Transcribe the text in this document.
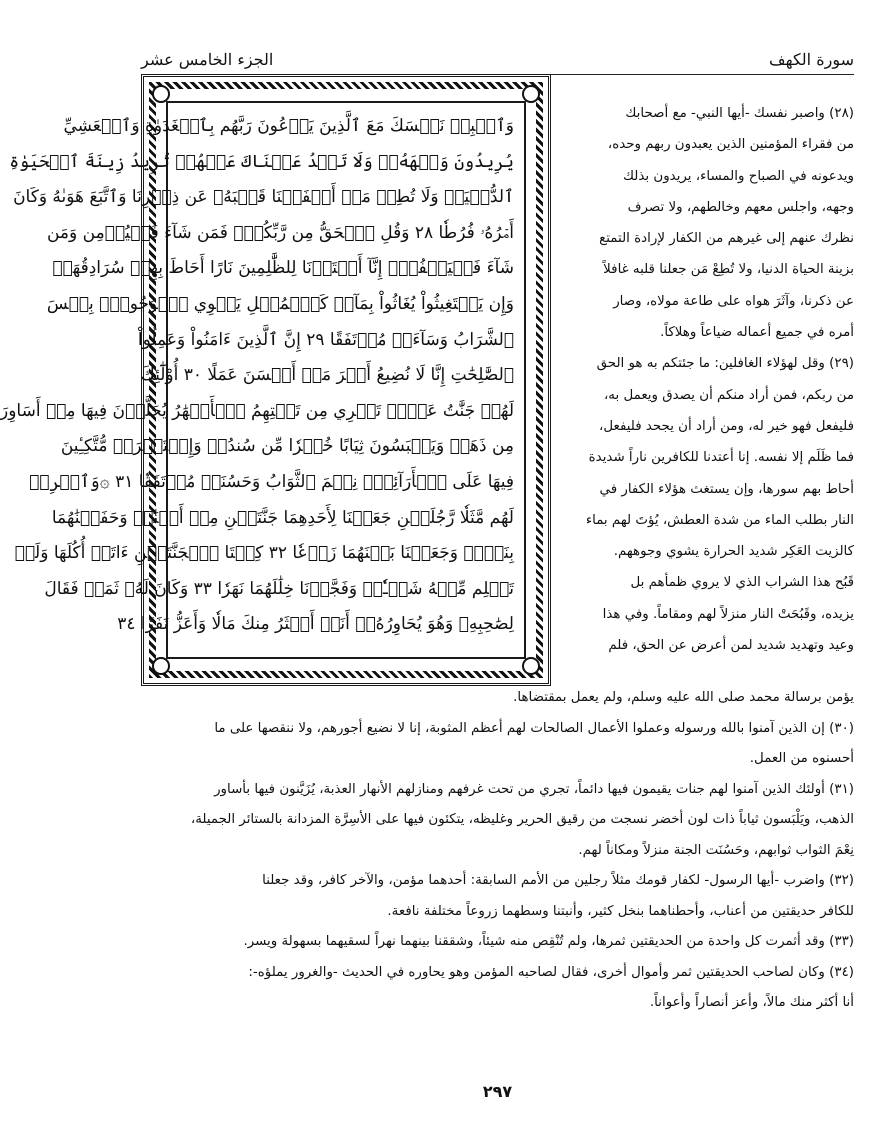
سورة الكهف
الجزء الخامس عشر
وَٱصۡبِرۡ نَفۡسَكَ مَعَ ٱلَّذِينَ يَدۡعُونَ رَبَّهُم بِٱلۡغَدَوٰةِ وَٱلۡعَشِيِّ
يُرِيدُونَ وَجۡهَهُۥۖ وَلَا تَعۡدُ عَيۡنَاكَ عَنۡهُمۡ تُرِيدُ زِينَةَ ٱلۡحَيَوٰةِ
ٱلدُّنۡيَاۖ وَلَا تُطِعۡ مَنۡ أَغۡفَلۡنَا قَلۡبَهُۥ عَن ذِكۡرِنَا وَٱتَّبَعَ هَوَىٰهُ وَكَانَ
أَمۡرُهُۥ فُرُطٗا ٢٨ وَقُلِ ٱلۡحَقُّ مِن رَّبِّكُمۡۖ فَمَن شَآءَ فَلۡيُؤۡمِن وَمَن
شَآءَ فَلۡيَكۡفُرۡۚ إِنَّآ أَعۡتَدۡنَا لِلظَّٰلِمِينَ نَارًا أَحَاطَ بِهِمۡ سُرَادِقُهَاۚ
وَإِن يَسۡتَغِيثُواْ يُغَاثُواْ بِمَآءٖ كَٱلۡمُهۡلِ يَشۡوِي ٱلۡوُجُوهَۚ بِئۡسَ
ٱلشَّرَابُ وَسَآءَتۡ مُرۡتَفَقًا ٢٩ إِنَّ ٱلَّذِينَ ءَامَنُواْ وَعَمِلُواْ
ٱلصَّٰلِحَٰتِ إِنَّا لَا نُضِيعُ أَجۡرَ مَنۡ أَحۡسَنَ عَمَلًا ٣٠ أُوْلَٰٓئِكَ
لَهُمۡ جَنَّٰتُ عَدۡنٖ تَجۡرِي مِن تَحۡتِهِمُ ٱلۡأَنۡهَٰرُ يُحَلَّوۡنَ فِيهَا مِنۡ أَسَاوِرَ
مِن ذَهَبٖ وَيَلۡبَسُونَ ثِيَابًا خُضۡرٗا مِّن سُندُسٖ وَإِسۡتَبۡرَقٖ مُّتَّكِـِٔينَ
فِيهَا عَلَى ٱلۡأَرَآئِكِۚ نِعۡمَ ٱلثَّوَابُ وَحَسُنَتۡ مُرۡتَفَقٗا ٣١ ۞وَٱضۡرِبۡ
لَهُم مَّثَلٗا رَّجُلَيۡنِ جَعَلۡنَا لِأَحَدِهِمَا جَنَّتَيۡنِ مِنۡ أَعۡنَٰبٖ وَحَفَفۡنَٰهُمَا
بِنَخۡلٖ وَجَعَلۡنَا بَيۡنَهُمَا زَرۡعٗا ٣٢ كِلۡتَا ٱلۡجَنَّتَيۡنِ ءَاتَتۡ أُكُلَهَا وَلَمۡ
تَظۡلِم مِّنۡهُ شَيۡـٔٗاۚ وَفَجَّرۡنَا خِلَٰلَهُمَا نَهَرٗا ٣٣ وَكَانَ لَهُۥ ثَمَرٞ فَقَالَ
لِصَٰحِبِهِۦ وَهُوَ يُحَاوِرُهُۥٓ أَنَا۠ أَكۡثَرُ مِنكَ مَالٗا وَأَعَزُّ نَفَرٗا ٣٤

(٢٨) واصبر نفسك -أيها النبي- مع أصحابك

من فقراء المؤمنين الذين يعبدون ربهم وحده،

ويدعونه في الصباح والمساء، يريدون بذلك

وجهه، واجلس معهم وخالطهم، ولا تصرف

نظرك عنهم إلى غيرهم من الكفار لإرادة التمتع

بزينة الحياة الدنيا، ولا تُطِعْ مَن جعلنا قلبه غافلاً

عن ذكرنا، وآثَرَ هواه على طاعة مولاه، وصار

أمره في جميع أعماله ضياعاً وهلاكاً.

(٢٩) وقل لهؤلاء الغافلين: ما جئتكم به هو الحق

من ربكم، فمن أراد منكم أن يصدق ويعمل به،

فليفعل فهو خير له، ومن أراد أن يجحد فليفعل،

فما ظَلَم إلا نفسه. إنا أعتدنا للكافرين ناراً شديدة

أحاط بهم سورها، وإن يستغث هؤلاء الكفار في

النار بطلب الماء من شدة العطش، يُؤتَ لهم بماء

كالزيت العَكِر شديد الحرارة يشوي وجوههم.

قَبُح هذا الشراب الذي لا يروي ظمأهم بل

يزيده، وقَبُحَتْ النار منزلاً لهم ومقاماً. وفي هذا

وعيد وتهديد شديد لمن أعرض عن الحق، فلم

يؤمن برسالة محمد صلى الله عليه وسلم، ولم يعمل بمقتضاها.

(٣٠) إن الذين آمنوا بالله ورسوله وعملوا الأعمال الصالحات لهم أعظم المثوبة، إنا لا نضيع أجورهم، ولا ننقصها على ما

أحسنوه من العمل.

(٣١) أولئك الذين آمنوا لهم جنات يقيمون فيها دائماً، تجري من تحت غرفهم ومنازلهم الأنهار العذبة، يُزَيَّنون فيها بأساور

الذهب، ويَلْبَسون ثياباً ذات لون أخضر نسجت من رقيق الحرير وغليظه، يتكئون فيها على الأسِرَّة المزدانة بالستائر الجميلة،

نِعْمَ الثواب ثوابهم، وحَسُنَت الجنة منزلاً ومكاناً لهم.

(٣٢) واضرب -أيها الرسول- لكفار قومك مثلاً رجلين من الأمم السابقة: أحدهما مؤمن، والآخر كافر، وقد جعلنا

للكافر حديقتين من أعناب، وأحطناهما بنخل كثير، وأنبتنا وسطهما زروعاً مختلفة نافعة.

(٣٣) وقد أثمرت كل واحدة من الحديقتين ثمرها، ولم تُنْقِص منه شيئاً، وشققنا بينهما نهراً لسقيهما بسهولة ويسر.

(٣٤) وكان لصاحب الحديقتين ثمر وأموال أخرى، فقال لصاحبه المؤمن وهو يحاوره في الحديث -والغرور يملؤه-:

أنا أكثر منك مالاً، وأعز أنصاراً وأعواناً.

٢٩٧
